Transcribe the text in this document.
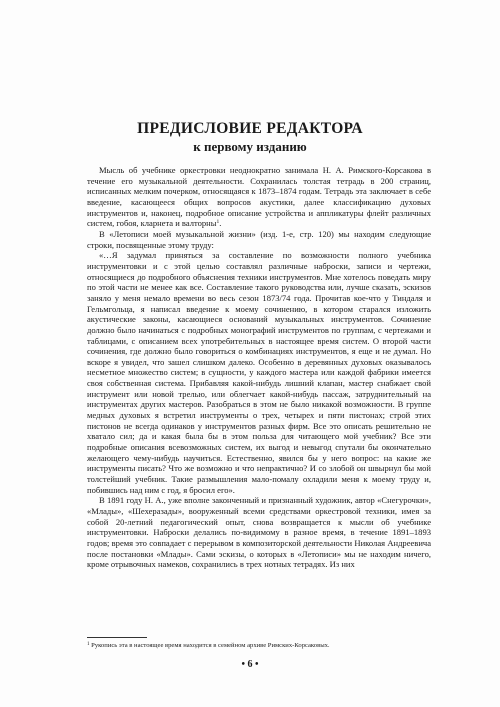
ПРЕДИСЛОВИЕ РЕДАКТОРА
к первому изданию

Мысль об учебнике оркестровки неоднократно занимала Н. А. Римского-Корсакова в течение его музыкальной деятельности. Сохранилась толстая тетрадь в 200 страниц, исписанных мелким почерком, относящаяся к 1873–1874 годам. Тетрадь эта заключает в себе введение, касающееся общих вопросов акустики, далее классификацию духовых инструментов и, наконец, подробное описание устройства и аппликатуры флейт различных систем, гобоя, кларнета и валторны$^1$.

В «Летописи моей музыкальной жизни» (изд. 1-е, стр. 120) мы находим следующие строки, посвященные этому труду:

«…Я задумал приняться за составление по возможности полного учебника инструментовки и с этой целью составлял различные наброски, записи и чертежи, относящиеся до подробного объяснения техники инструментов. Мне хотелось поведать миру по этой части не менее как все. Составление такого руководства или, лучше сказать, эскизов заняло у меня немало времени во весь сезон 1873/74 года. Прочитав кое-что у Тиндаля и Гельмгольца, я написал введение к моему сочинению, в котором старался изложить акустические законы, касающиеся оснований музыкальных инструментов. Сочинение должно было начинаться с подробных монографий инструментов по группам, с чертежами и таблицами, с описанием всех употребительных в настоящее время систем. О второй части сочинения, где должно было говориться о комбинациях инструментов, я еще и не думал. Но вскоре я увидел, что зашел слишком далеко. Особенно в деревянных духовых оказывалось несметное множество систем; в сущности, у каждого мастера или каждой фабрики имеется своя собственная система. Прибавляя какой-нибудь лишний клапан, мастер снабжает свой инструмент или новой трелью, или облегчает какой-нибудь пассаж, затруднительный на инструментах других мастеров. Разобраться в этом не было никакой возможности. В группе медных духовых я встретил инструменты о трех, четырех и пяти пистонах; строй этих пистонов не всегда одинаков у инструментов разных фирм. Все это описать решительно не хватало сил; да и какая была бы в этом польза для читающего мой учебник? Все эти подробные описания всевозможных систем, их выгод и невыгод спутали бы окончательно желающего чему-нибудь научиться. Естественно, явился бы у него вопрос: на какие же инструменты писать? Что же возможно и что непрактично? И со злобой он швырнул бы мой толстейший учебник. Такие размышления мало-помалу охладили меня к моему труду и, побившись над ним с год, я бросил его».

В 1891 году Н. А., уже вполне законченный и признанный художник, автор «Снегурочки», «Млады», «Шехеразады», вооруженный всеми средствами оркестровой техники, имея за собой 20-летний педагогический опыт, снова возвращается к мысли об учебнике инструментовки. Наброски делались по-видимому в разное время, в течение 1891–1893 годов; время это совпадает с перерывом в композиторской деятельности Николая Андреевича после постановки «Млады». Сами эскизы, о которых в «Летописи» мы не находим ничего, кроме отрывочных намеков, сохранились в трех нотных тетрадях. Из них

$^1$ Рукопись эта в настоящее время находится в семейном архиве Римских-Корсаковых.
• 6 •
